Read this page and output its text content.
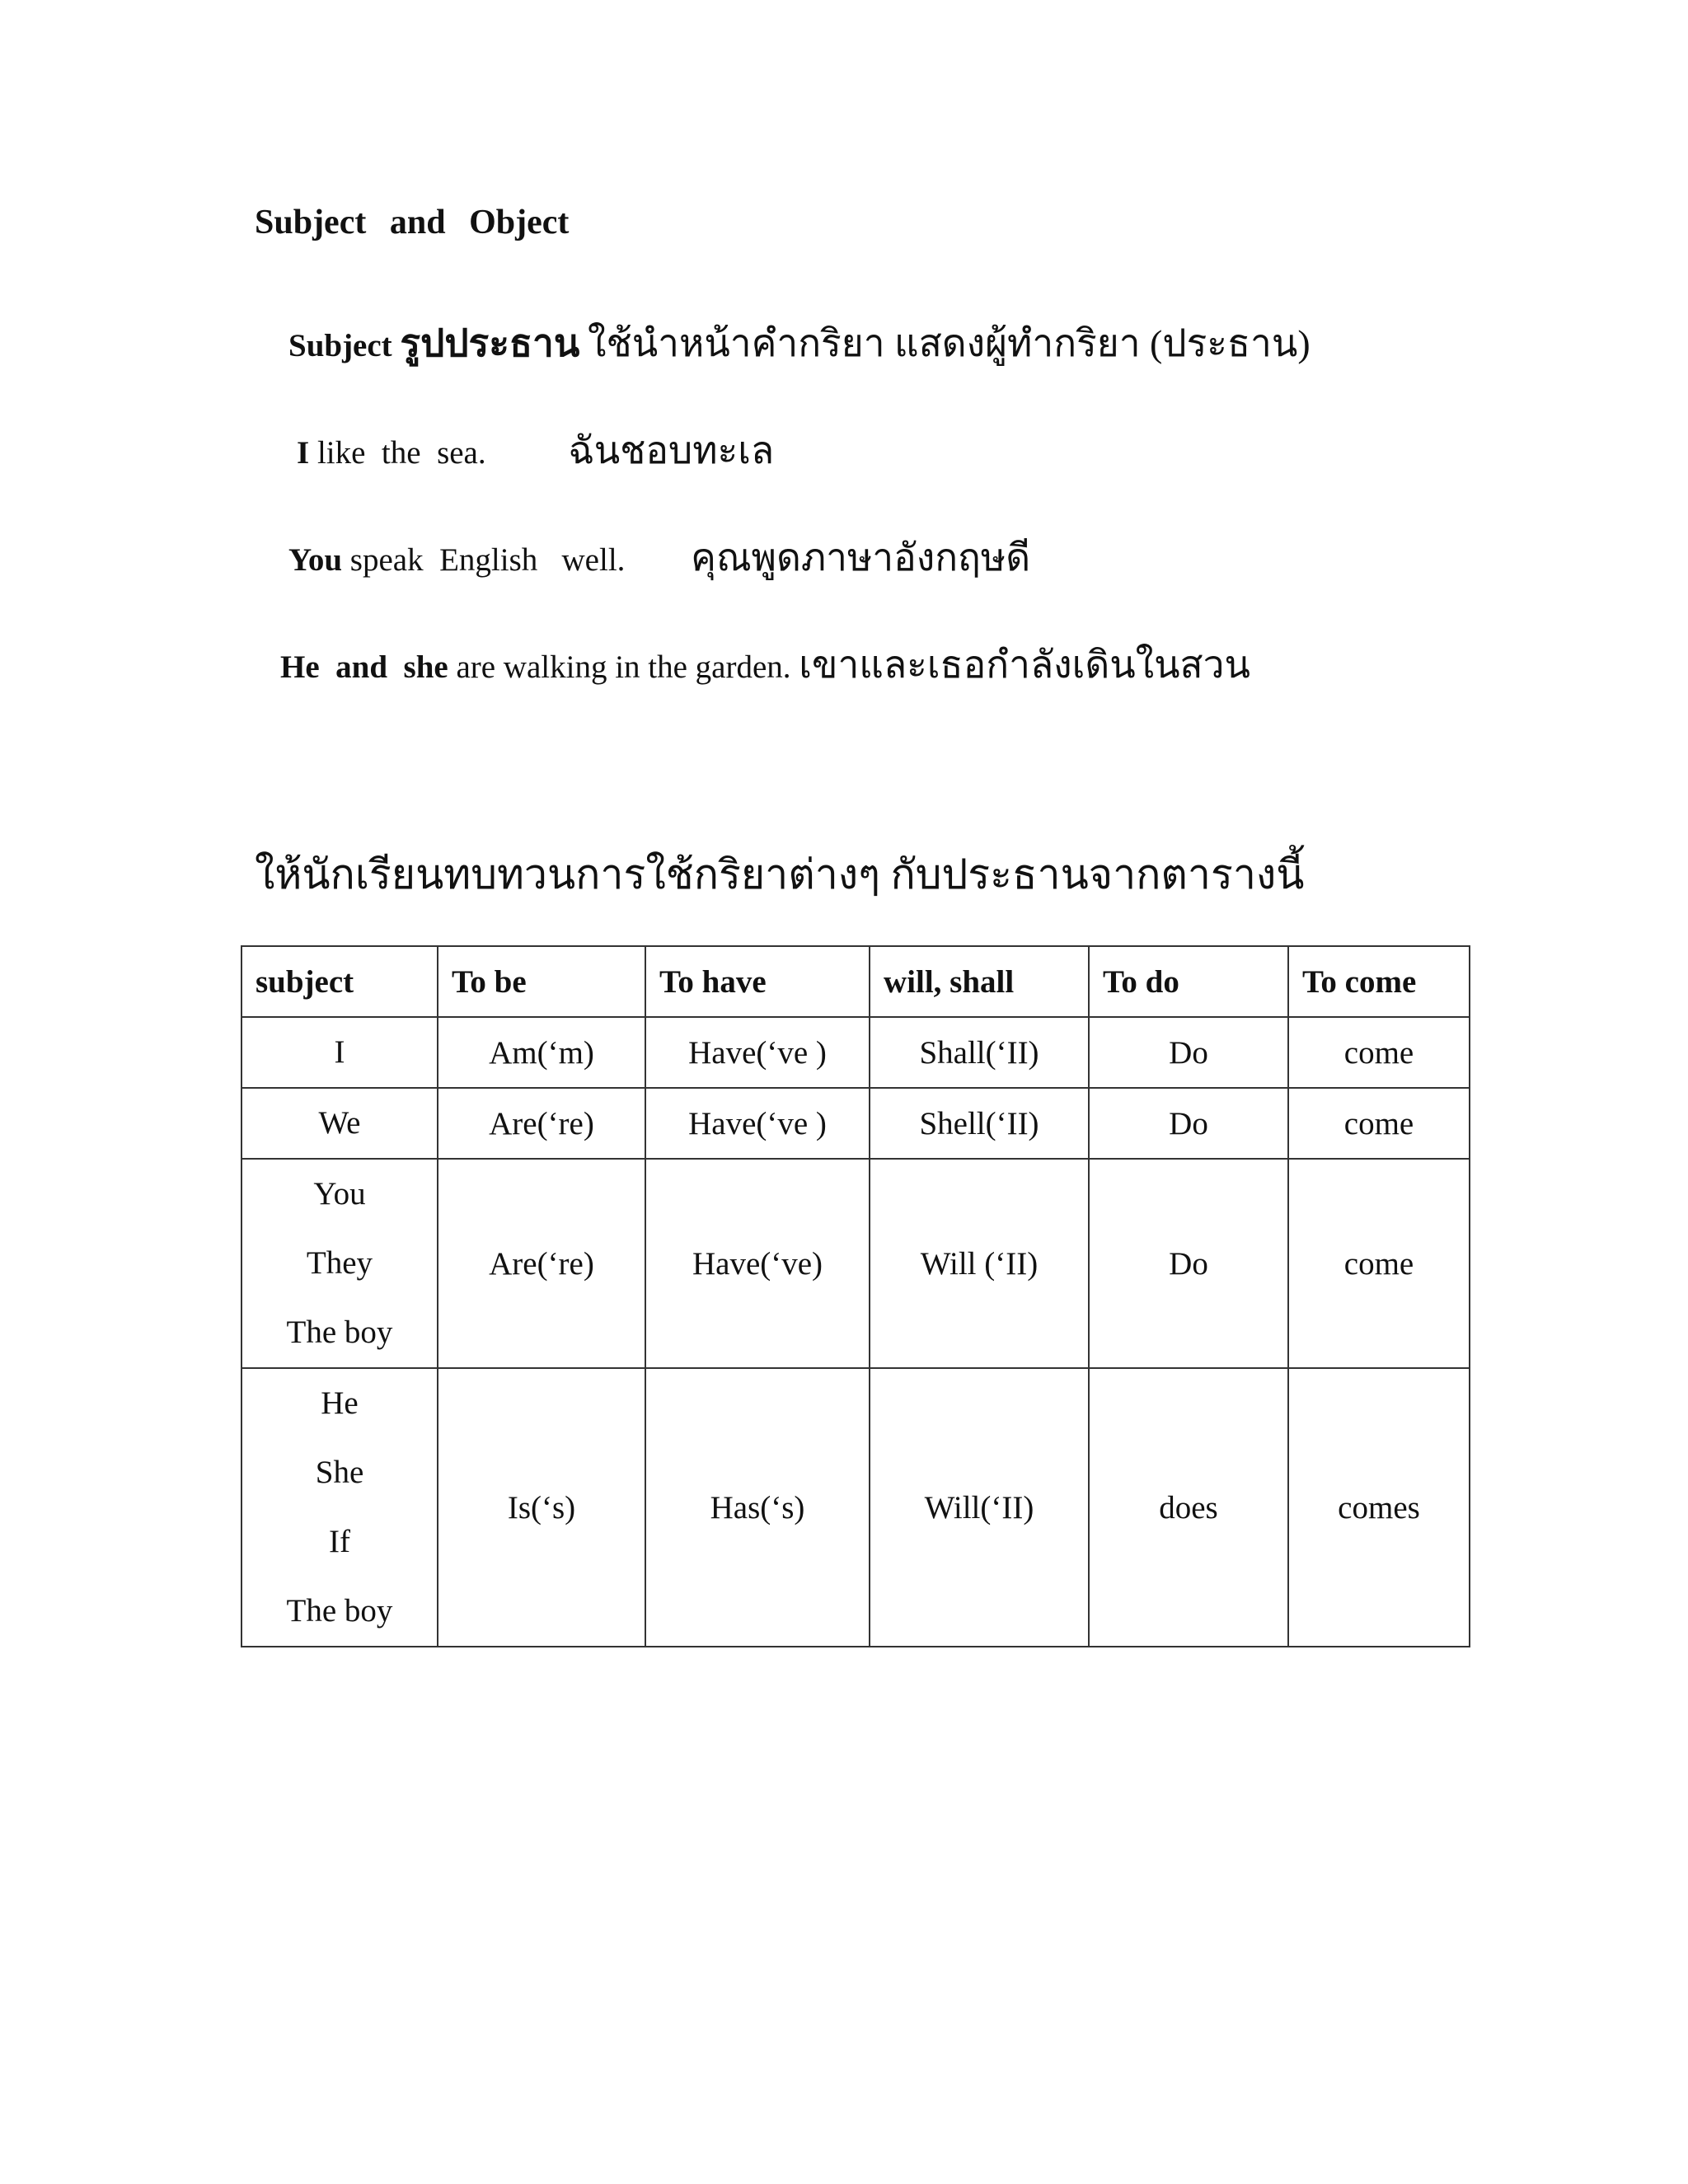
Subject and Object
Subject รูปประธาน ใช้นำหน้าคำกริยา แสดงผู้ทำกริยา (ประธาน)
I like  the  sea. ฉันชอบทะเล
You speak  English   well. คุณพูดภาษาอังกฤษดี
He  and  she are walking in the garden. เขาและเธอกำลังเดินในสวน
ให้นักเรียนทบทวนการใช้กริยาต่างๆ กับประธานจากตารางนี้
subject	To be	To have	will, shall	To do	To come

I	Am(‘m)	Have(‘ve )	Shall(‘II)	Do	come

We	Are(‘re)	Have(‘ve )	Shell(‘II)	Do	come

You
They
The boy	Are(‘re)	Have(‘ve)	Will (‘II)	Do	come

He
She
If
The boy	Is(‘s)	Has(‘s)	Will(‘II)	does	comes
